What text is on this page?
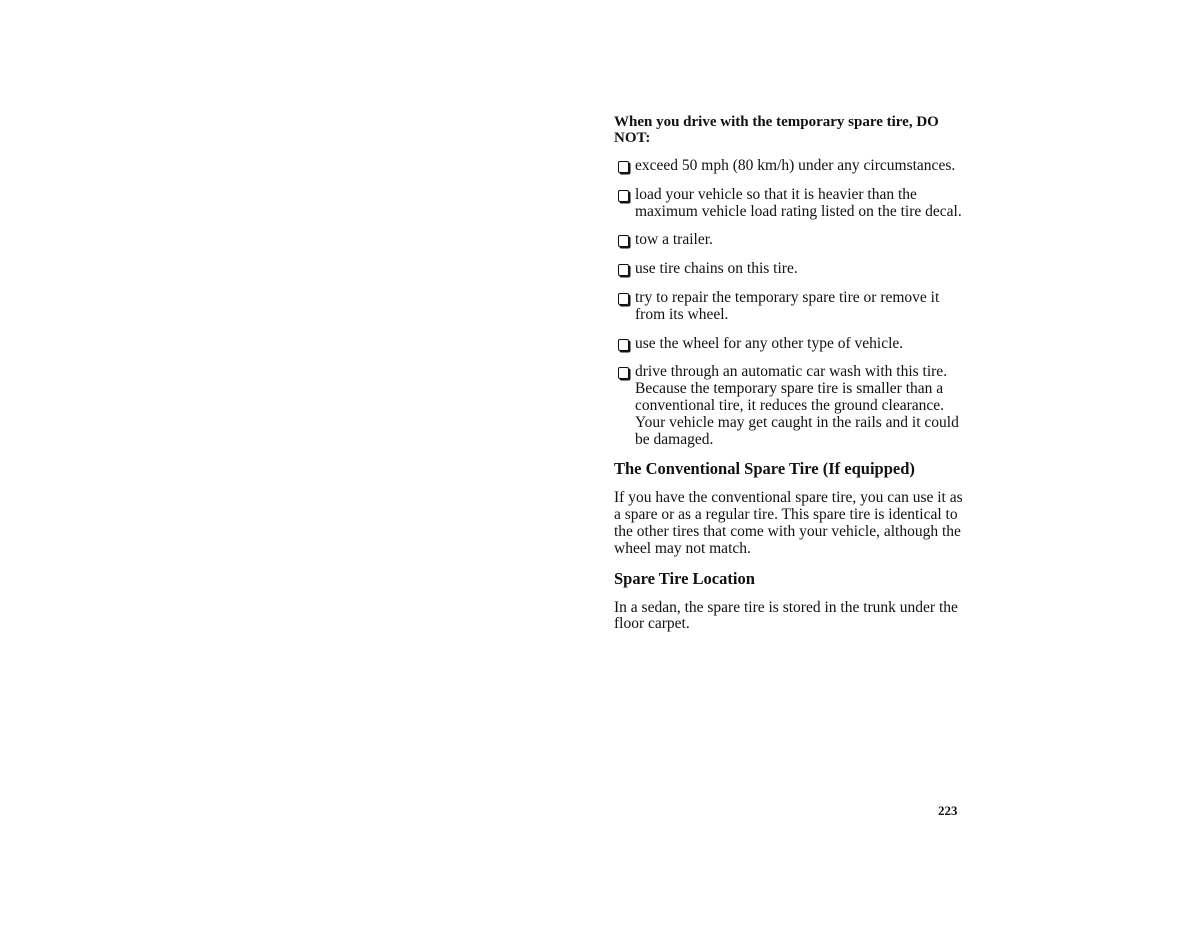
When you drive with the temporary spare tire, DO NOT:

exceed 50 mph (80 km/h) under any circumstances.
load your vehicle so that it is heavier than the maximum vehicle load rating listed on the tire decal.
tow a trailer.
use tire chains on this tire.
try to repair the temporary spare tire or remove it from its wheel.
use the wheel for any other type of vehicle.
drive through an automatic car wash with this tire. Because the temporary spare tire is smaller than a conventional tire, it reduces the ground clearance. Your vehicle may get caught in the rails and it could be damaged.
The Conventional Spare Tire (If equipped)

If you have the conventional spare tire, you can use it as a spare or as a regular tire. This spare tire is identical to the other tires that come with your vehicle, although the wheel may not match.

Spare Tire Location

In a sedan, the spare tire is stored in the trunk under the floor carpet.

223
